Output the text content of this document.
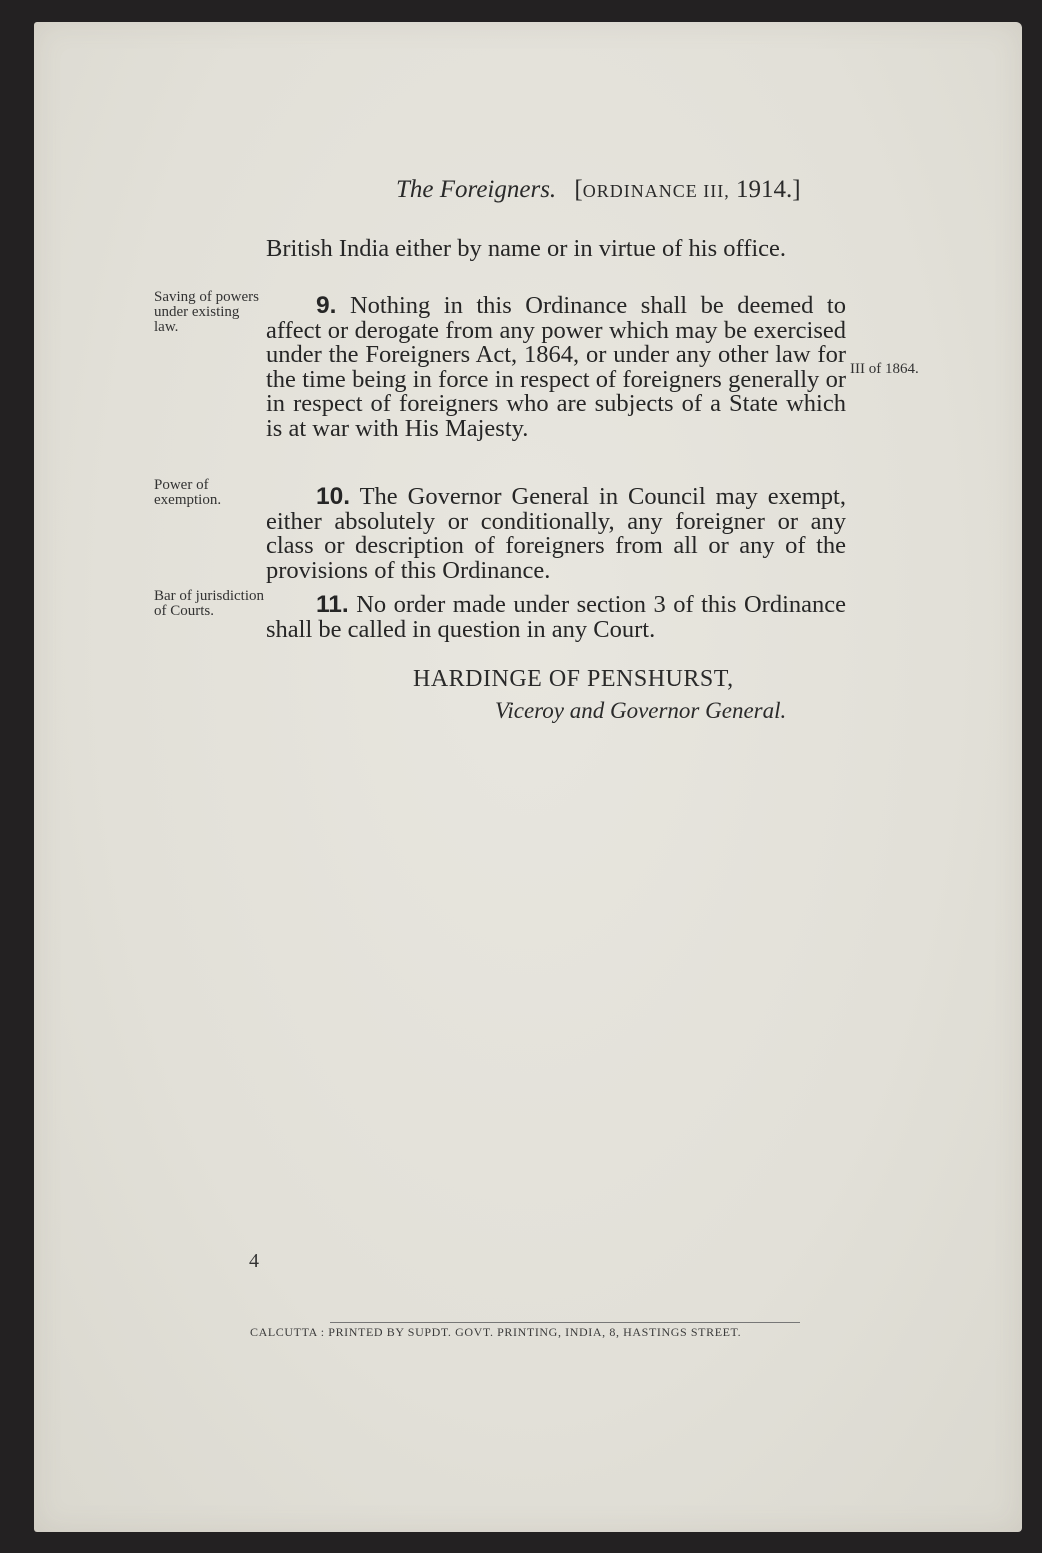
The Foreigners. [ORDINANCE III, 1914.]
British India either by name or in virtue of his office.
Saving of powers under existing law.
9. Nothing in this Ordinance shall be deemed to affect or derogate from any power which may be exercised under the Foreigners Act, 1864, or under any other law for the time being in force in respect of foreigners generally or in respect of foreigners who are subjects of a State which is at war with His Majesty.
III of 1864.
Power of exemption.	10. The Governor General in Council may exempt, either absolutely or conditionally, any foreigner or any class or description of foreigners from all or any of the provisions of this Ordinance.
Bar of jurisdiction of Courts.	11. No order made under section 3 of this Ordinance shall be called in question in any Court.
HARDINGE OF PENSHURST,
Viceroy and Governor General.
4
CALCUTTA : PRINTED BY SUPDT. GOVT. PRINTING, INDIA, 8, HASTINGS STREET.
